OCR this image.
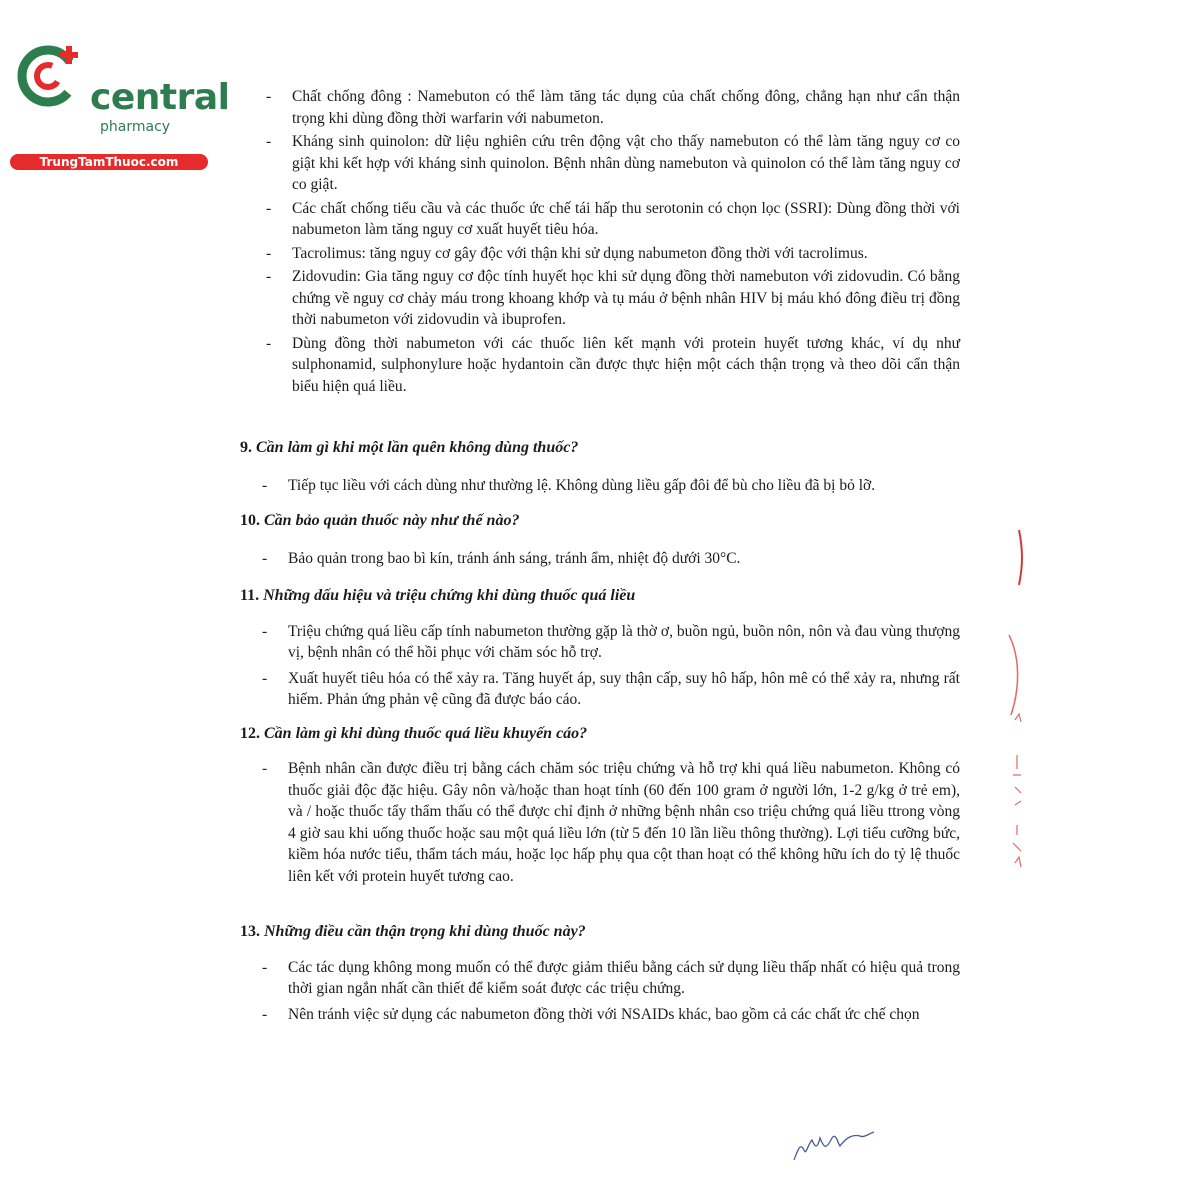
central
pharmacy
TrungTamThuoc.com
- Chất chống đông : Namebuton có thể làm tăng tác dụng của chất chống đông, chẳng hạn như cẩn thận trọng khi dùng đồng thời warfarin với nabumeton.
- Kháng sinh quinolon: dữ liệu nghiên cứu trên động vật cho thấy namebuton có thể làm tăng nguy cơ co giật khi kết hợp với kháng sinh quinolon. Bệnh nhân dùng namebuton và quinolon có thể làm tăng nguy cơ co giật.
- Các chất chống tiểu cầu và các thuốc ức chế tái hấp thu serotonin có chọn lọc (SSRI): Dùng đồng thời với nabumeton làm tăng nguy cơ xuất huyết tiêu hóa.
- Tacrolimus: tăng nguy cơ gây độc với thận khi sử dụng nabumeton đồng thời với tacrolimus.
- Zidovudin: Gia tăng nguy cơ độc tính huyết học khi sử dụng đồng thời namebuton với zidovudin. Có bằng chứng về nguy cơ chảy máu trong khoang khớp và tụ máu ở bệnh nhân HIV bị máu khó đông điều trị đồng thời nabumeton với zidovudin và ibuprofen.
- Dùng đồng thời nabumeton với các thuốc liên kết mạnh với protein huyết tương khác, ví dụ như sulphonamid, sulphonylure hoặc hydantoin cần được thực hiện một cách thận trọng và theo dõi cẩn thận biểu hiện quá liều.

9. Cần làm gì khi một lần quên không dùng thuốc?

- Tiếp tục liều với cách dùng như thường lệ. Không dùng liều gấp đôi để bù cho liều đã bị bỏ lỡ.

10. Cần bảo quản thuốc này như thế nào?

- Bảo quản trong bao bì kín, tránh ánh sáng, tránh ẩm, nhiệt độ dưới 30°C.

11. Những dấu hiệu và triệu chứng khi dùng thuốc quá liều

- Triệu chứng quá liều cấp tính nabumeton thường gặp là thờ ơ, buồn ngủ, buồn nôn, nôn và đau vùng thượng vị, bệnh nhân có thể hồi phục với chăm sóc hỗ trợ.
- Xuất huyết tiêu hóa có thể xảy ra. Tăng huyết áp, suy thận cấp, suy hô hấp, hôn mê có thể xảy ra, nhưng rất hiếm. Phản ứng phản vệ cũng đã được báo cáo.

12. Cần làm gì khi dùng thuốc quá liều khuyến cáo?

- Bệnh nhân cần được điều trị bằng cách chăm sóc triệu chứng và hỗ trợ khi quá liều nabumeton. Không có thuốc giải độc đặc hiệu. Gây nôn và/hoặc than hoạt tính (60 đến 100 gram ở người lớn, 1-2 g/kg ở trẻ em), và / hoặc thuốc tẩy thẩm thấu có thể được chỉ định ở những bệnh nhân cso triệu chứng quá liều ttrong vòng 4 giờ sau khi uống thuốc hoặc sau một quá liều lớn (từ 5 đến 10 lần liều thông thường). Lợi tiểu cưỡng bức, kiềm hóa nước tiểu, thẩm tách máu, hoặc lọc hấp phụ qua cột than hoạt có thể không hữu ích do tỷ lệ thuốc liên kết với protein huyết tương cao.

13. Những điều cần thận trọng khi dùng thuốc này?

- Các tác dụng không mong muốn có thể được giảm thiểu bằng cách sử dụng liều thấp nhất có hiệu quả trong thời gian ngắn nhất cần thiết để kiểm soát được các triệu chứng.
- Nên tránh việc sử dụng các nabumeton đồng thời với NSAIDs khác, bao gồm cả các chất ức chế chọn
